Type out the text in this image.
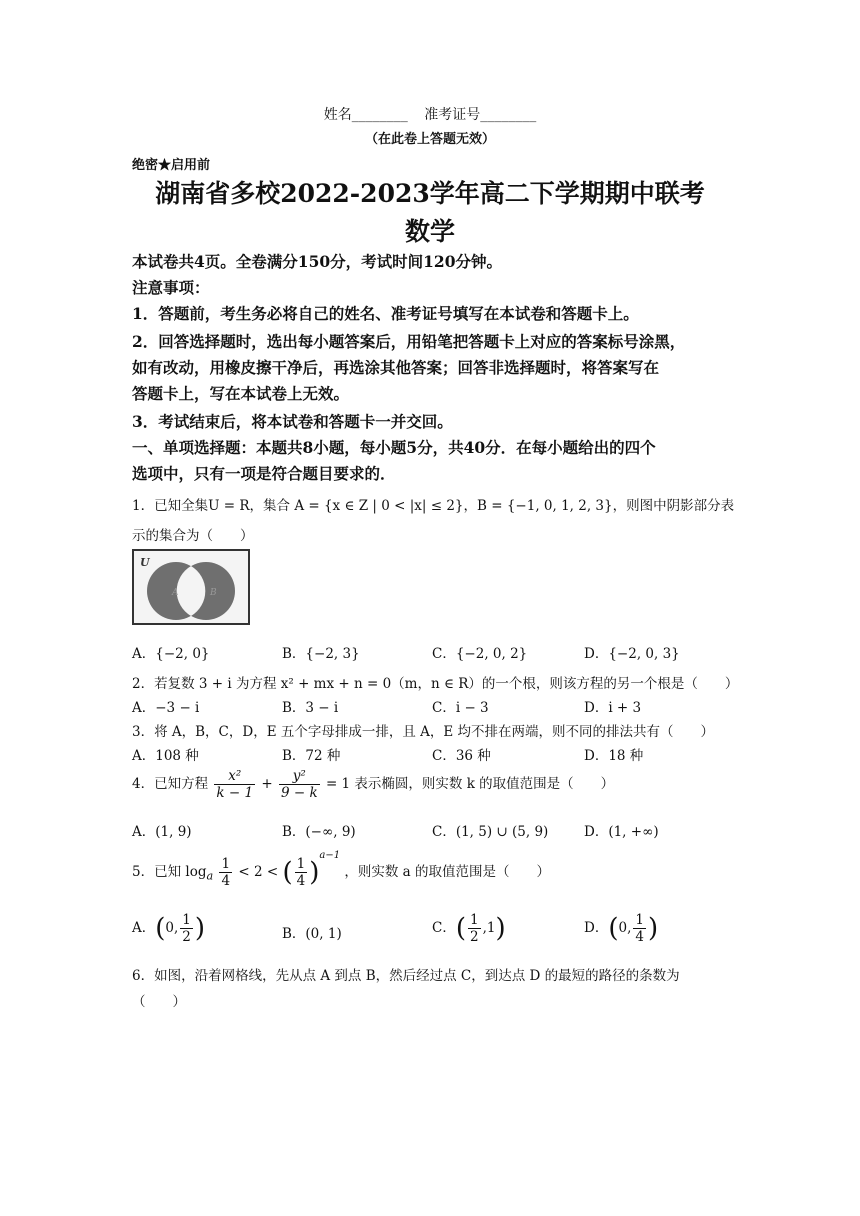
姓名________ 准考证号________
（在此卷上答题无效）
绝密★启用前
湖南省多校2022-2023学年高二下学期期中联考
数学
本试卷共4页。全卷满分150分，考试时间120分钟。
注意事项：
1．答题前，考生务必将自己的姓名、准考证号填写在本试卷和答题卡上。
2．回答选择题时，选出每小题答案后，用铅笔把答题卡上对应的答案标号涂黑，
如有改动，用橡皮擦干净后，再选涂其他答案；回答非选择题时，将答案写在
答题卡上，写在本试卷上无效。
3．考试结束后，将本试卷和答题卡一并交回。
一、单项选择题：本题共8小题，每小题5分，共40分．在每小题给出的四个
选项中，只有一项是符合题目要求的．
1．已知全集U = R，集合 A = {x ∈ Z | 0 < |x| ≤ 2}，B = {−1, 0, 1, 2, 3}，则图中阴影部分表
示的集合为（　　）
U
A	B
A．{−2, 0}	B．{−2, 3}	C．{−2, 0, 2}	D．{−2, 0, 3}
2．若复数 3 + i 为方程 x² + mx + n = 0（m，n ∈ R）的一个根，则该方程的另一个根是（　　）
A．−3 − i	B．3 − i	C．i − 3	D．i + 3
3．将 A，B，C，D，E 五个字母排成一排，且 A，E 均不排在两端，则不同的排法共有（　　）
A．108 种	B．72 种	C．36 种	D．18 种
4．已知方程 $\frac{\text{x²}}{k - 1} + \frac{\text{y²}}{9 - k} = 1$ 表示椭圆，则实数 k 的取值范围是（　　）
A．(1, 9)	B．(−∞, 9)	C．(1, 5) ∪ (5, 9)	D．(1, +∞)
5．已知 $\log_a \frac{1}{4} < 2$ < ( $\frac{1}{4} )^{a-1}$ ，则实数 a 的取值范围是（　　）
A．(0, $\frac{1}{2}$ )	B．(0, 1)	C．( $\frac{1}{2} ,1$)	D．(0, $\frac{1}{4}$ )
6．如图，沿着网格线，先从点 A 到点 B，然后经过点 C，到达点 D 的最短的路径的条数为
（　　）
